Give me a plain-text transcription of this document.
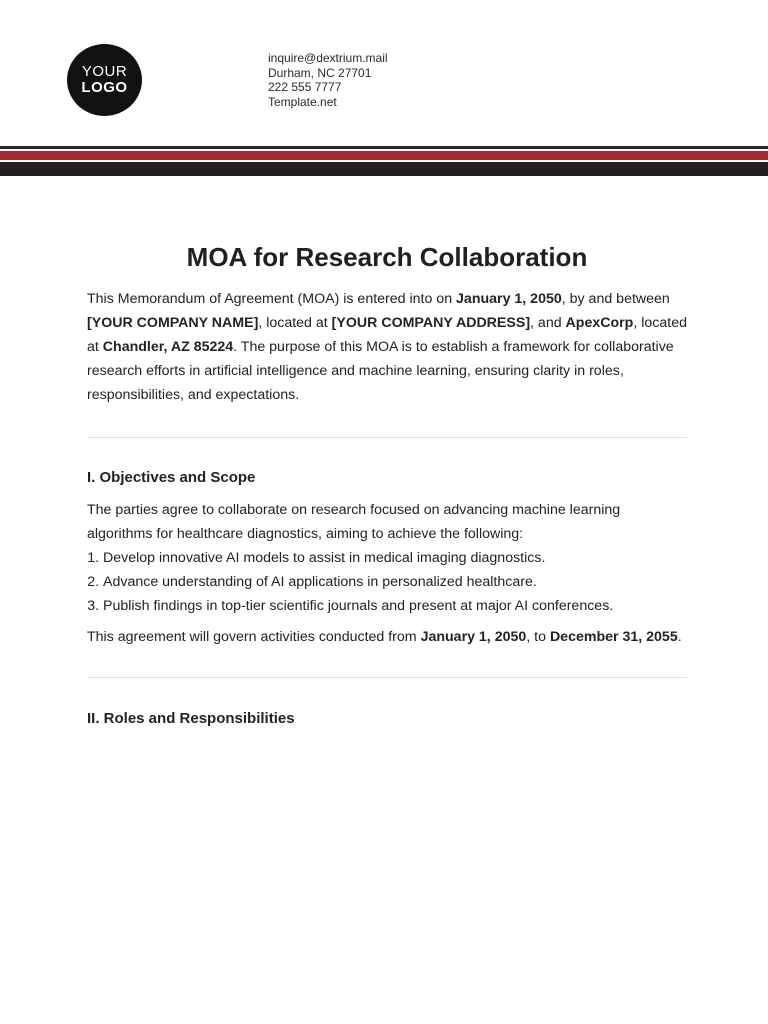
YOUR
LOGO
inquire@dextrium.mail
Durham, NC 27701
222 555 7777
Template.net
MOA for Research Collaboration

This Memorandum of Agreement (MOA) is entered into on January 1, 2050, by and between [YOUR COMPANY NAME], located at [YOUR COMPANY ADDRESS], and ApexCorp, located at Chandler, AZ 85224. The purpose of this MOA is to establish a framework for collaborative research efforts in artificial intelligence and machine learning, ensuring clarity in roles, responsibilities, and expectations.

I. Objectives and Scope

The parties agree to collaborate on research focused on advancing machine learning algorithms for healthcare diagnostics, aiming to achieve the following:

1. Develop innovative AI models to assist in medical imaging diagnostics.
2. Advance understanding of AI applications in personalized healthcare.
3. Publish findings in top-tier scientific journals and present at major AI conferences.

This agreement will govern activities conducted from January 1, 2050, to December 31, 2055.

II. Roles and Responsibilities
